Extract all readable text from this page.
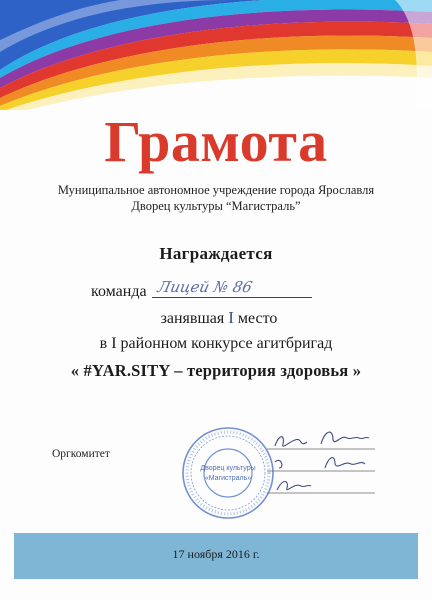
Грамота
Муниципальное автономное учреждение города Ярославля
Дворец культуры “Магистраль”
Награждается
команда Лицей № 86
занявшая I место
в I районном конкурсе агитбригад
« #YAR.SITY – территория здоровья »
Оргкомитет
Дворец культуры
«Магистраль»
17 ноября 2016 г.
